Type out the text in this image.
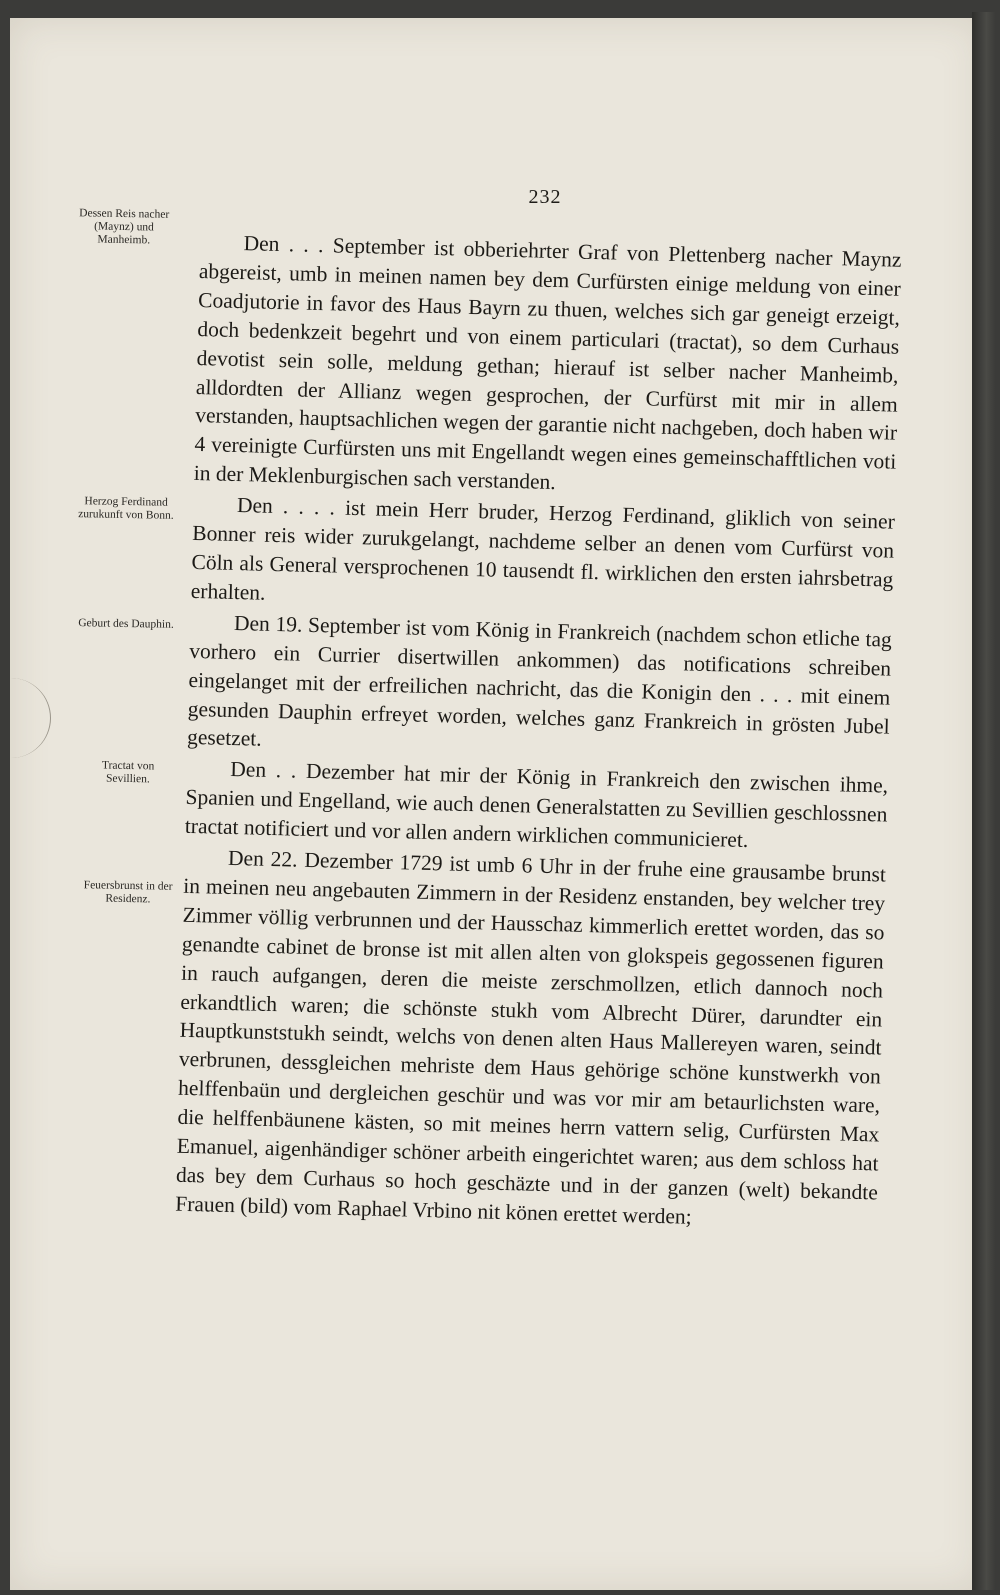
232
Dessen Reis nacher (Maynz) und Manheimb.
Herzog Ferdinand zurukunft von Bonn.
Geburt des Dauphin.
Tractat von Sevillien.
Feuersbrunst in der Residenz.

Den . . . September ist obberiehrter Graf von Plettenberg nacher Maynz abgereist, umb in meinen namen bey dem Curfürsten einige meldung von einer Coadjutorie in favor des Haus Bayrn zu thuen, welches sich gar geneigt erzeigt, doch bedenkzeit begehrt und von einem particulari (tractat), so dem Curhaus devotist sein solle, meldung gethan; hierauf ist selber nacher Manheimb, alldordten der Allianz wegen gesprochen, der Curfürst mit mir in allem verstanden, hauptsachlichen wegen der garantie nicht nachgeben, doch haben wir 4 vereinigte Curfürsten uns mit Engellandt wegen eines gemeinschafftlichen voti in der Meklenburgischen sach verstanden.

Den . . . . ist mein Herr bruder, Herzog Ferdinand, gliklich von seiner Bonner reis wider zurukgelangt, nachdeme selber an denen vom Curfürst von Cöln als General versprochenen 10 tausendt fl. wirklichen den ersten iahrsbetrag erhalten.

Den 19. September ist vom König in Frankreich (nachdem schon etliche tag vorhero ein Currier disertwillen ankommen) das notifications schreiben eingelanget mit der erfreilichen nachricht, das die Konigin den . . . mit einem gesunden Dauphin erfreyet worden, welches ganz Frankreich in grösten Jubel gesetzet.

Den . . Dezember hat mir der König in Frankreich den zwischen ihme, Spanien und Engelland, wie auch denen Generalstatten zu Sevillien geschlossnen tractat notificiert und vor allen andern wirklichen communicieret.

Den 22. Dezember 1729 ist umb 6 Uhr in der fruhe eine grausambe brunst in meinen neu angebauten Zimmern in der Residenz enstanden, bey welcher trey Zimmer völlig verbrunnen und der Hausschaz kimmerlich erettet worden, das so genandte cabinet de bronse ist mit allen alten von glokspeis gegossenen figuren in rauch aufgangen, deren die meiste zerschmollzen, etlich dannoch noch erkandtlich waren; die schönste stukh vom Albrecht Dürer, darundter ein Hauptkunststukh seindt, welchs von denen alten Haus Mallereyen waren, seindt verbrunen, dessgleichen mehriste dem Haus gehörige schöne kunstwerkh von helffenbaün und dergleichen geschür und was vor mir am betaurlichsten ware, die helffenbäunene kästen, so mit meines herrn vattern selig, Curfürsten Max Emanuel, aigenhändiger schöner arbeith eingerichtet waren; aus dem schloss hat das bey dem Curhaus so hoch geschäzte und in der ganzen (welt) bekandte Frauen (bild) vom Raphael Vrbino nit könen erettet werden;
